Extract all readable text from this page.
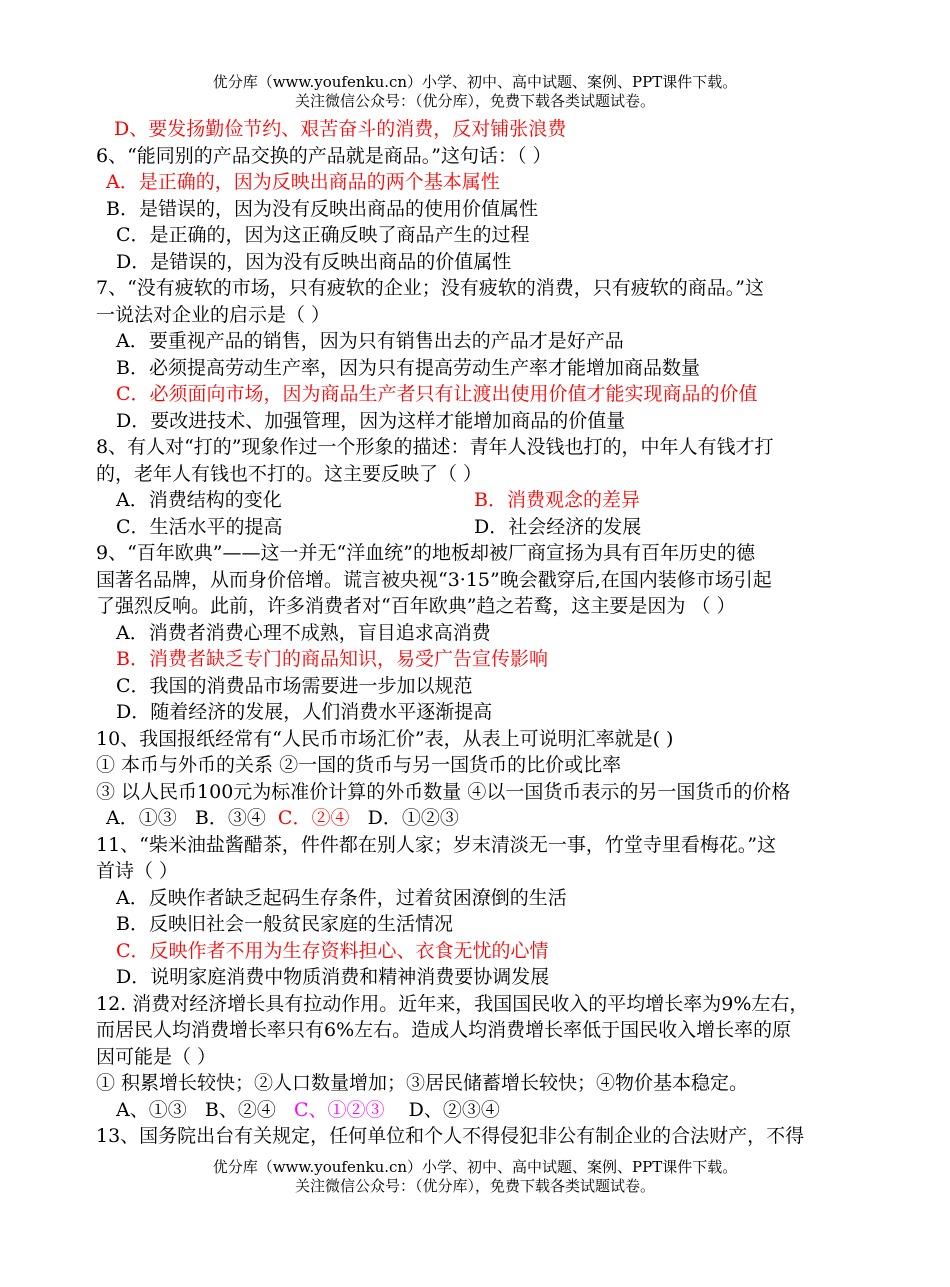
优分库（www.youfenku.cn）小学、初中、高中试题、案例、PPT课件下载。
关注微信公众号：（优分库），免费下载各类试题试卷。
D、要发扬勤俭节约、艰苦奋斗的消费，反对铺张浪费
6、“能同别的产品交换的产品就是商品。”这句话：（ ）
A．是正确的，因为反映出商品的两个基本属性
B．是错误的，因为没有反映出商品的使用价值属性
C．是正确的，因为这正确反映了商品产生的过程
D．是错误的，因为没有反映出商品的价值属性
7、“没有疲软的市场，只有疲软的企业；没有疲软的消费，只有疲软的商品。”这
一说法对企业的启示是（ ）
A．要重视产品的销售，因为只有销售出去的产品才是好产品
B．必须提高劳动生产率，因为只有提高劳动生产率才能增加商品数量
C．必须面向市场，因为商品生产者只有让渡出使用价值才能实现商品的价值
D．要改进技术、加强管理，因为这样才能增加商品的价值量
8、有人对“打的”现象作过一个形象的描述：青年人没钱也打的，中年人有钱才打
的，老年人有钱也不打的。这主要反映了（ ）
A．消费结构的变化	B．消费观念的差异
C．生活水平的提高	D．社会经济的发展
9、“百年欧典”——这一并无“洋血统”的地板却被厂商宣扬为具有百年历史的德
国著名品牌，从而身价倍增。谎言被央视“3·15”晚会戳穿后,在国内装修市场引起
了强烈反响。此前，许多消费者对“百年欧典”趋之若鹜，这主要是因为 （ ）
A．消费者消费心理不成熟，盲目追求高消费
B．消费者缺乏专门的商品知识，易受广告宣传影响
C．我国的消费品市场需要进一步加以规范
D．随着经济的发展，人们消费水平逐渐提高
10、我国报纸经常有“人民币市场汇价”表，从表上可说明汇率就是( )
① 本币与外币的关系 ②一国的货币与另一国货币的比价或比率
③ 以人民币100元为标准价计算的外币数量 ④以一国货币表示的另一国货币的价格
A．①③ B．③④ C．②④ D．①②③
11、“柴米油盐酱醋茶，件件都在别人家；岁末清淡无一事，竹堂寺里看梅花。”这
首诗（ ）
A．反映作者缺乏起码生存条件，过着贫困潦倒的生活
B．反映旧社会一般贫民家庭的生活情况
C．反映作者不用为生存资料担心、衣食无忧的心情
D．说明家庭消费中物质消费和精神消费要协调发展
12. 消费对经济增长具有拉动作用。近年来，我国国民收入的平均增长率为9%左右，
而居民人均消费增长率只有6%左右。造成人均消费增长率低于国民收入增长率的原
因可能是（ ）
① 积累增长较快；②人口数量增加；③居民储蓄增长较快；④物价基本稳定。
A、①③ B、②④ C、①②③ D、②③④
13、国务院出台有关规定，任何单位和个人不得侵犯非公有制企业的合法财产，不得
优分库（www.youfenku.cn）小学、初中、高中试题、案例、PPT课件下载。
关注微信公众号：（优分库），免费下载各类试题试卷。
